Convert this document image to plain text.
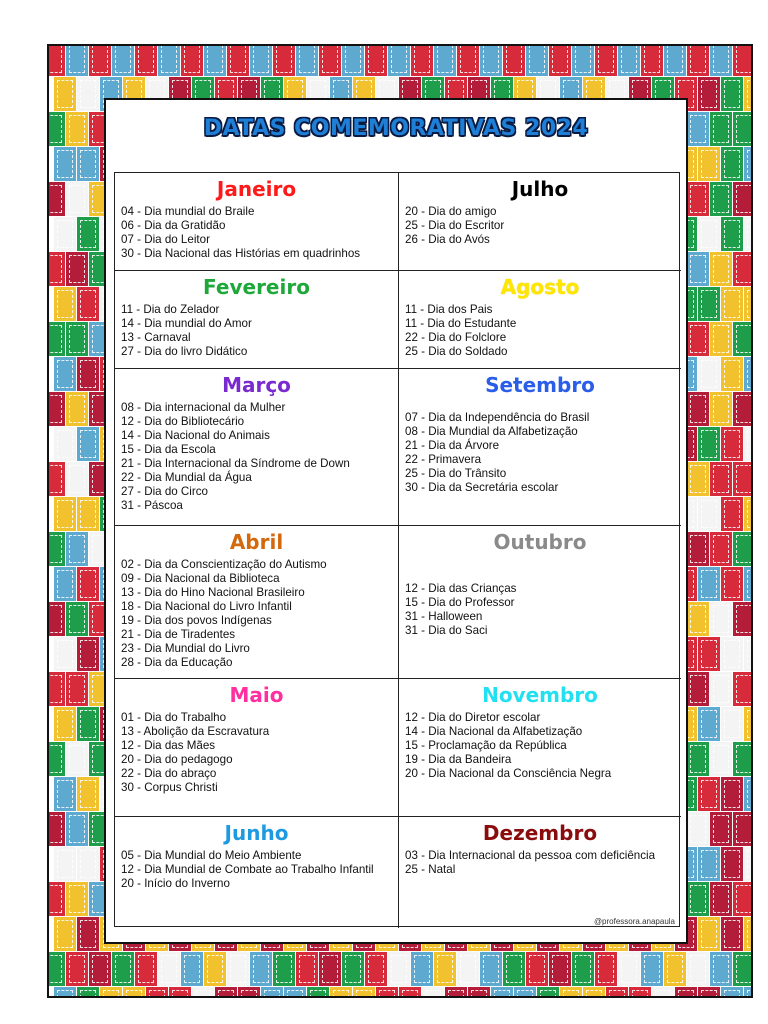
DATAS COMEMORATIVAS 2024
Janeiro
04 - Dia mundial do Braile
06 - Dia da Gratidão
07 - Dia do Leitor
30 - Dia Nacional das Histórias em quadrinhos
Julho
20 - Dia do amigo
25 - Dia do Escritor
26 - Dia do Avós
Fevereiro
11 - Dia do Zelador
14 - Dia mundial do Amor
13 - Carnaval
27 - Dia do livro Didático
Agosto
11 - Dia dos Pais
11 - Dia do Estudante
22 - Dia do Folclore
25 - Dia do Soldado
Março
08 - Dia internacional da Mulher
12 - Dia do Bibliotecário
14 - Dia Nacional do Animais
15 - Dia da Escola
21 - Dia Internacional da Síndrome de Down
22 - Dia Mundial da Água
27 - Dia do Circo
31 - Páscoa
Setembro
07 - Dia da Independência do Brasil
08 - Dia Mundial da Alfabetização
21 - Dia da Árvore
22 - Primavera
25 - Dia do Trânsito
30 - Dia da Secretária escolar
Abril
02 - Dia da Conscientização do Autismo
09 - Dia Nacional da Biblioteca
13 - Dia do Hino Nacional Brasileiro
18 - Dia Nacional do Livro Infantil
19 - Dia dos povos Indígenas
21 - Dia de Tiradentes
23 - Dia Mundial do Livro
28 - Dia da Educação
Outubro
12 - Dia das Crianças
15 - Dia do Professor
31 - Halloween
31 - Dia do Saci
Maio
01 - Dia do Trabalho
13 - Abolição da Escravatura
12 - Dia das Mães
20 - Dia do pedagogo
22 - Dia do abraço
30 - Corpus Christi
Novembro
12 - Dia do Diretor escolar
14 - Dia Nacional da Alfabetização
15 - Proclamação da República
19 - Dia da Bandeira
20 - Dia Nacional da Consciência Negra
Junho
05 - Dia Mundial do Meio Ambiente
12 - Dia Mundial de Combate ao Trabalho Infantil
20 - Início do Inverno
Dezembro
03 - Dia Internacional da pessoa com deficiência
25 - Natal
@professora.anapaula
